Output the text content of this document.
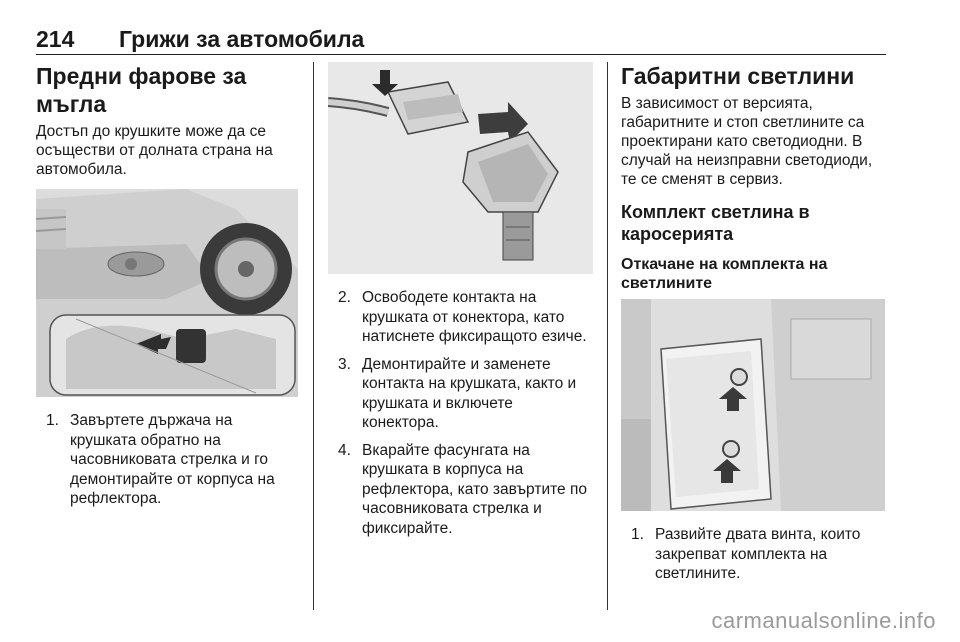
214 Грижи за автомобила
Предни фарове за мъгла

Достъп до крушките може да се осъществи от долната страна на автомобила.

1. Завъртете държача на крушката обратно на часовниковата стрелка и го демонтирайте от корпуса на рефлектора.
2. Освободете контакта на крушката от конектора, като натиснете фиксиращото езиче.
3. Демонтирайте и заменете контакта на крушката, както и крушката и включете конектора.
4. Вкарайте фасунгата на крушката в корпуса на рефлектора, като завъртите по часовниковата стрелка и фиксирайте.
Габаритни светлини

В зависимост от версията, габаритните и стоп светлините са проектирани като светодиодни. В случай на неизправни светодиоди, те се сменят в сервиз.

Комплект светлина в каросерията
Откачане на комплекта на светлините
1. Развийте двата винта, които закрепват комплекта на светлините.
carmanualsonline.info
